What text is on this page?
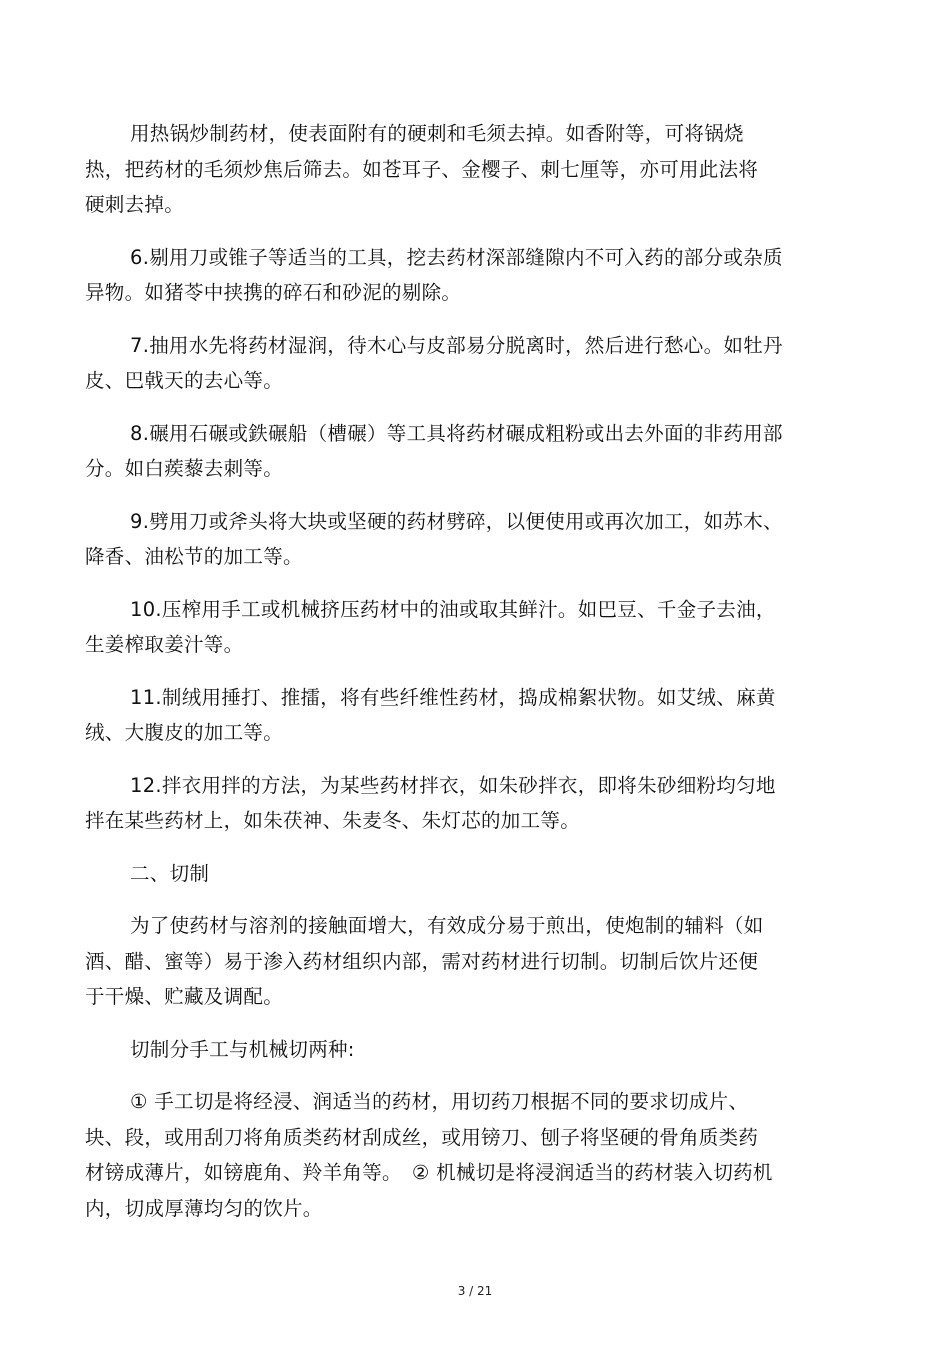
用热锅炒制药材，使表面附有的硬刺和毛须去掉。如香附等，可将锅烧
热，把药材的毛须炒焦后筛去。如苍耳子、金樱子、刺七厘等，亦可用此法将
硬刺去掉。

6.剔用刀或锥子等适当的工具，挖去药材深部缝隙内不可入药的部分或杂质
异物。如猪苓中挟携的碎石和砂泥的剔除。

7.抽用水先将药材湿润，待木心与皮部易分脱离时，然后进行愁心。如牡丹
皮、巴戟天的去心等。

8.碾用石碾或鉄碾船（槽碾）等工具将药材碾成粗粉或出去外面的非药用部
分。如白蒺藜去刺等。

9.劈用刀或斧头将大块或坚硬的药材劈碎，以便使用或再次加工，如苏木、
降香、油松节的加工等。

10.压榨用手工或机械挤压药材中的油或取其鲜汁。如巴豆、千金子去油，
生姜榨取姜汁等。

11.制绒用捶打、推擂，将有些纤维性药材，捣成棉絮状物。如艾绒、麻黄
绒、大腹皮的加工等。

12.拌衣用拌的方法，为某些药材拌衣，如朱砂拌衣，即将朱砂细粉均匀地
拌在某些药材上，如朱茯神、朱麦冬、朱灯芯的加工等。

二、切制

为了使药材与溶剂的接触面增大，有效成分易于煎出，使炮制的辅料（如
酒、醋、蜜等）易于渗入药材组织内部，需对药材进行切制。切制后饮片还便
于干燥、贮藏及调配。

切制分手工与机械切两种:

① 手工切是将经浸、润适当的药材，用切药刀根据不同的要求切成片、
块、段，或用刮刀将角质类药材刮成丝，或用镑刀、刨子将坚硬的骨角质类药
材镑成薄片，如镑鹿角、羚羊角等。　② 机械切是将浸润适当的药材装入切药机
内，切成厚薄均匀的饮片。

3 / 21
